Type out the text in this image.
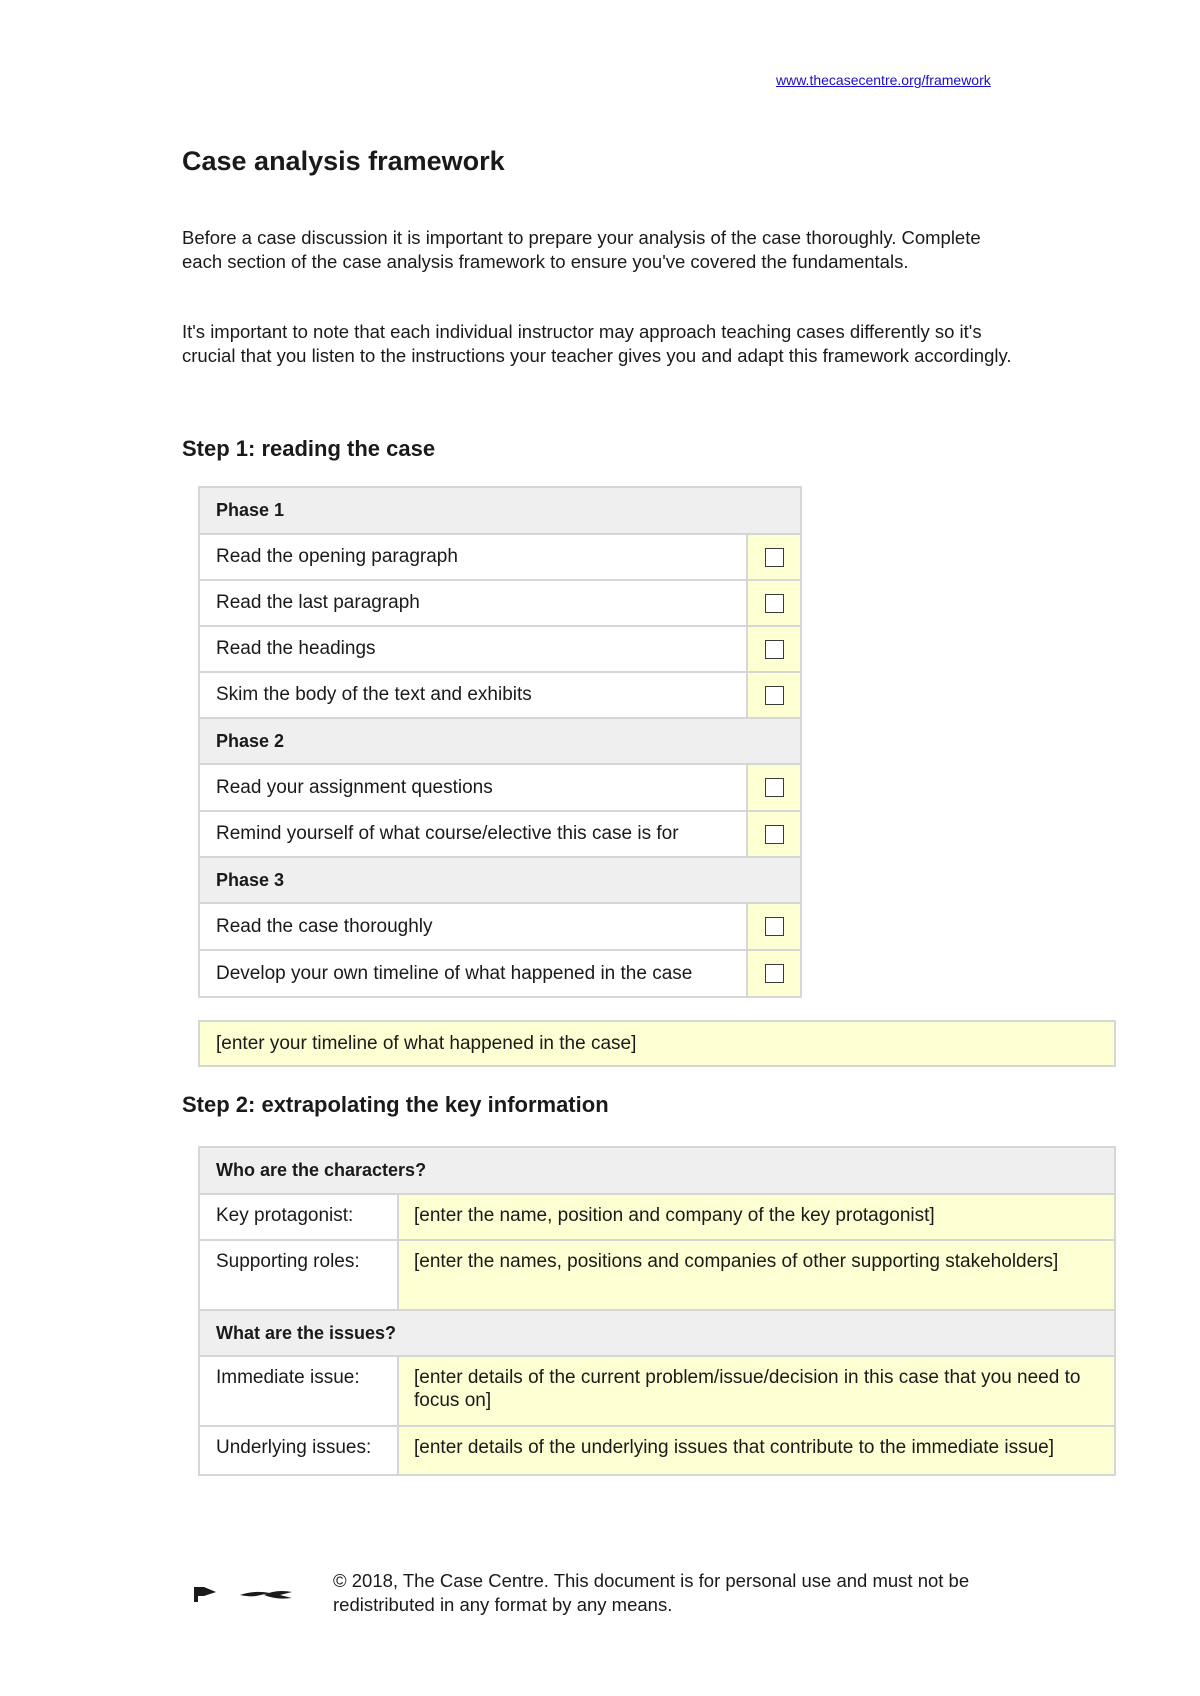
www.thecasecentre.org/framework
Case analysis framework

Before a case discussion it is important to prepare your analysis of the case thoroughly. Complete each section of the case analysis framework to ensure you've covered the fundamentals.

It's important to note that each individual instructor may approach teaching cases differently so it's crucial that you listen to the instructions your teacher gives you and adapt this framework accordingly.

Step 1: reading the case
Phase 1
Read the opening paragraph
Read the last paragraph
Read the headings
Skim the body of the text and exhibits
Phase 2
Read your assignment questions
Remind yourself of what course/elective this case is for
Phase 3
Read the case thoroughly
Develop your own timeline of what happened in the case
[enter your timeline of what happened in the case]
Step 2: extrapolating the key information
Who are the characters?
Key protagonist:	[enter the name, position and company of the key protagonist]
Supporting roles:	[enter the names, positions and companies of other supporting stakeholders]
What are the issues?
Immediate issue:	[enter details of the current problem/issue/decision in this case that you need to focus on]
Underlying issues:	[enter details of the underlying issues that contribute to the immediate issue]

© 2018, The Case Centre. This document is for personal use and must not be redistributed in any format by any means.
